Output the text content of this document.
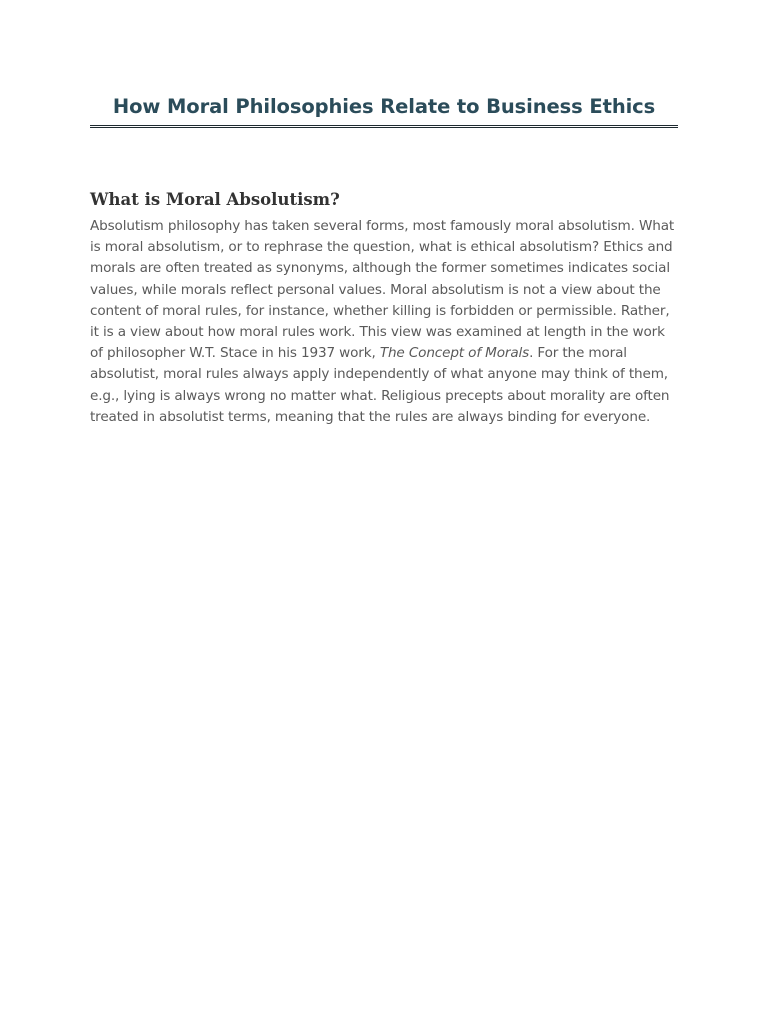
How Moral Philosophies Relate to Business Ethics
What is Moral Absolutism?

Absolutism philosophy has taken several forms, most famously moral absolutism. What is moral absolutism, or to rephrase the question, what is ethical absolutism? Ethics and morals are often treated as synonyms, although the former sometimes indicates social values, while morals reflect personal values. Moral absolutism is not a view about the content of moral rules, for instance, whether killing is forbidden or permissible. Rather, it is a view about how moral rules work. This view was examined at length in the work of philosopher W.T. Stace in his 1937 work, The Concept of Morals. For the moral absolutist, moral rules always apply independently of what anyone may think of them, e.g., lying is always wrong no matter what. Religious precepts about morality are often treated in absolutist terms, meaning that the rules are always binding for everyone.
